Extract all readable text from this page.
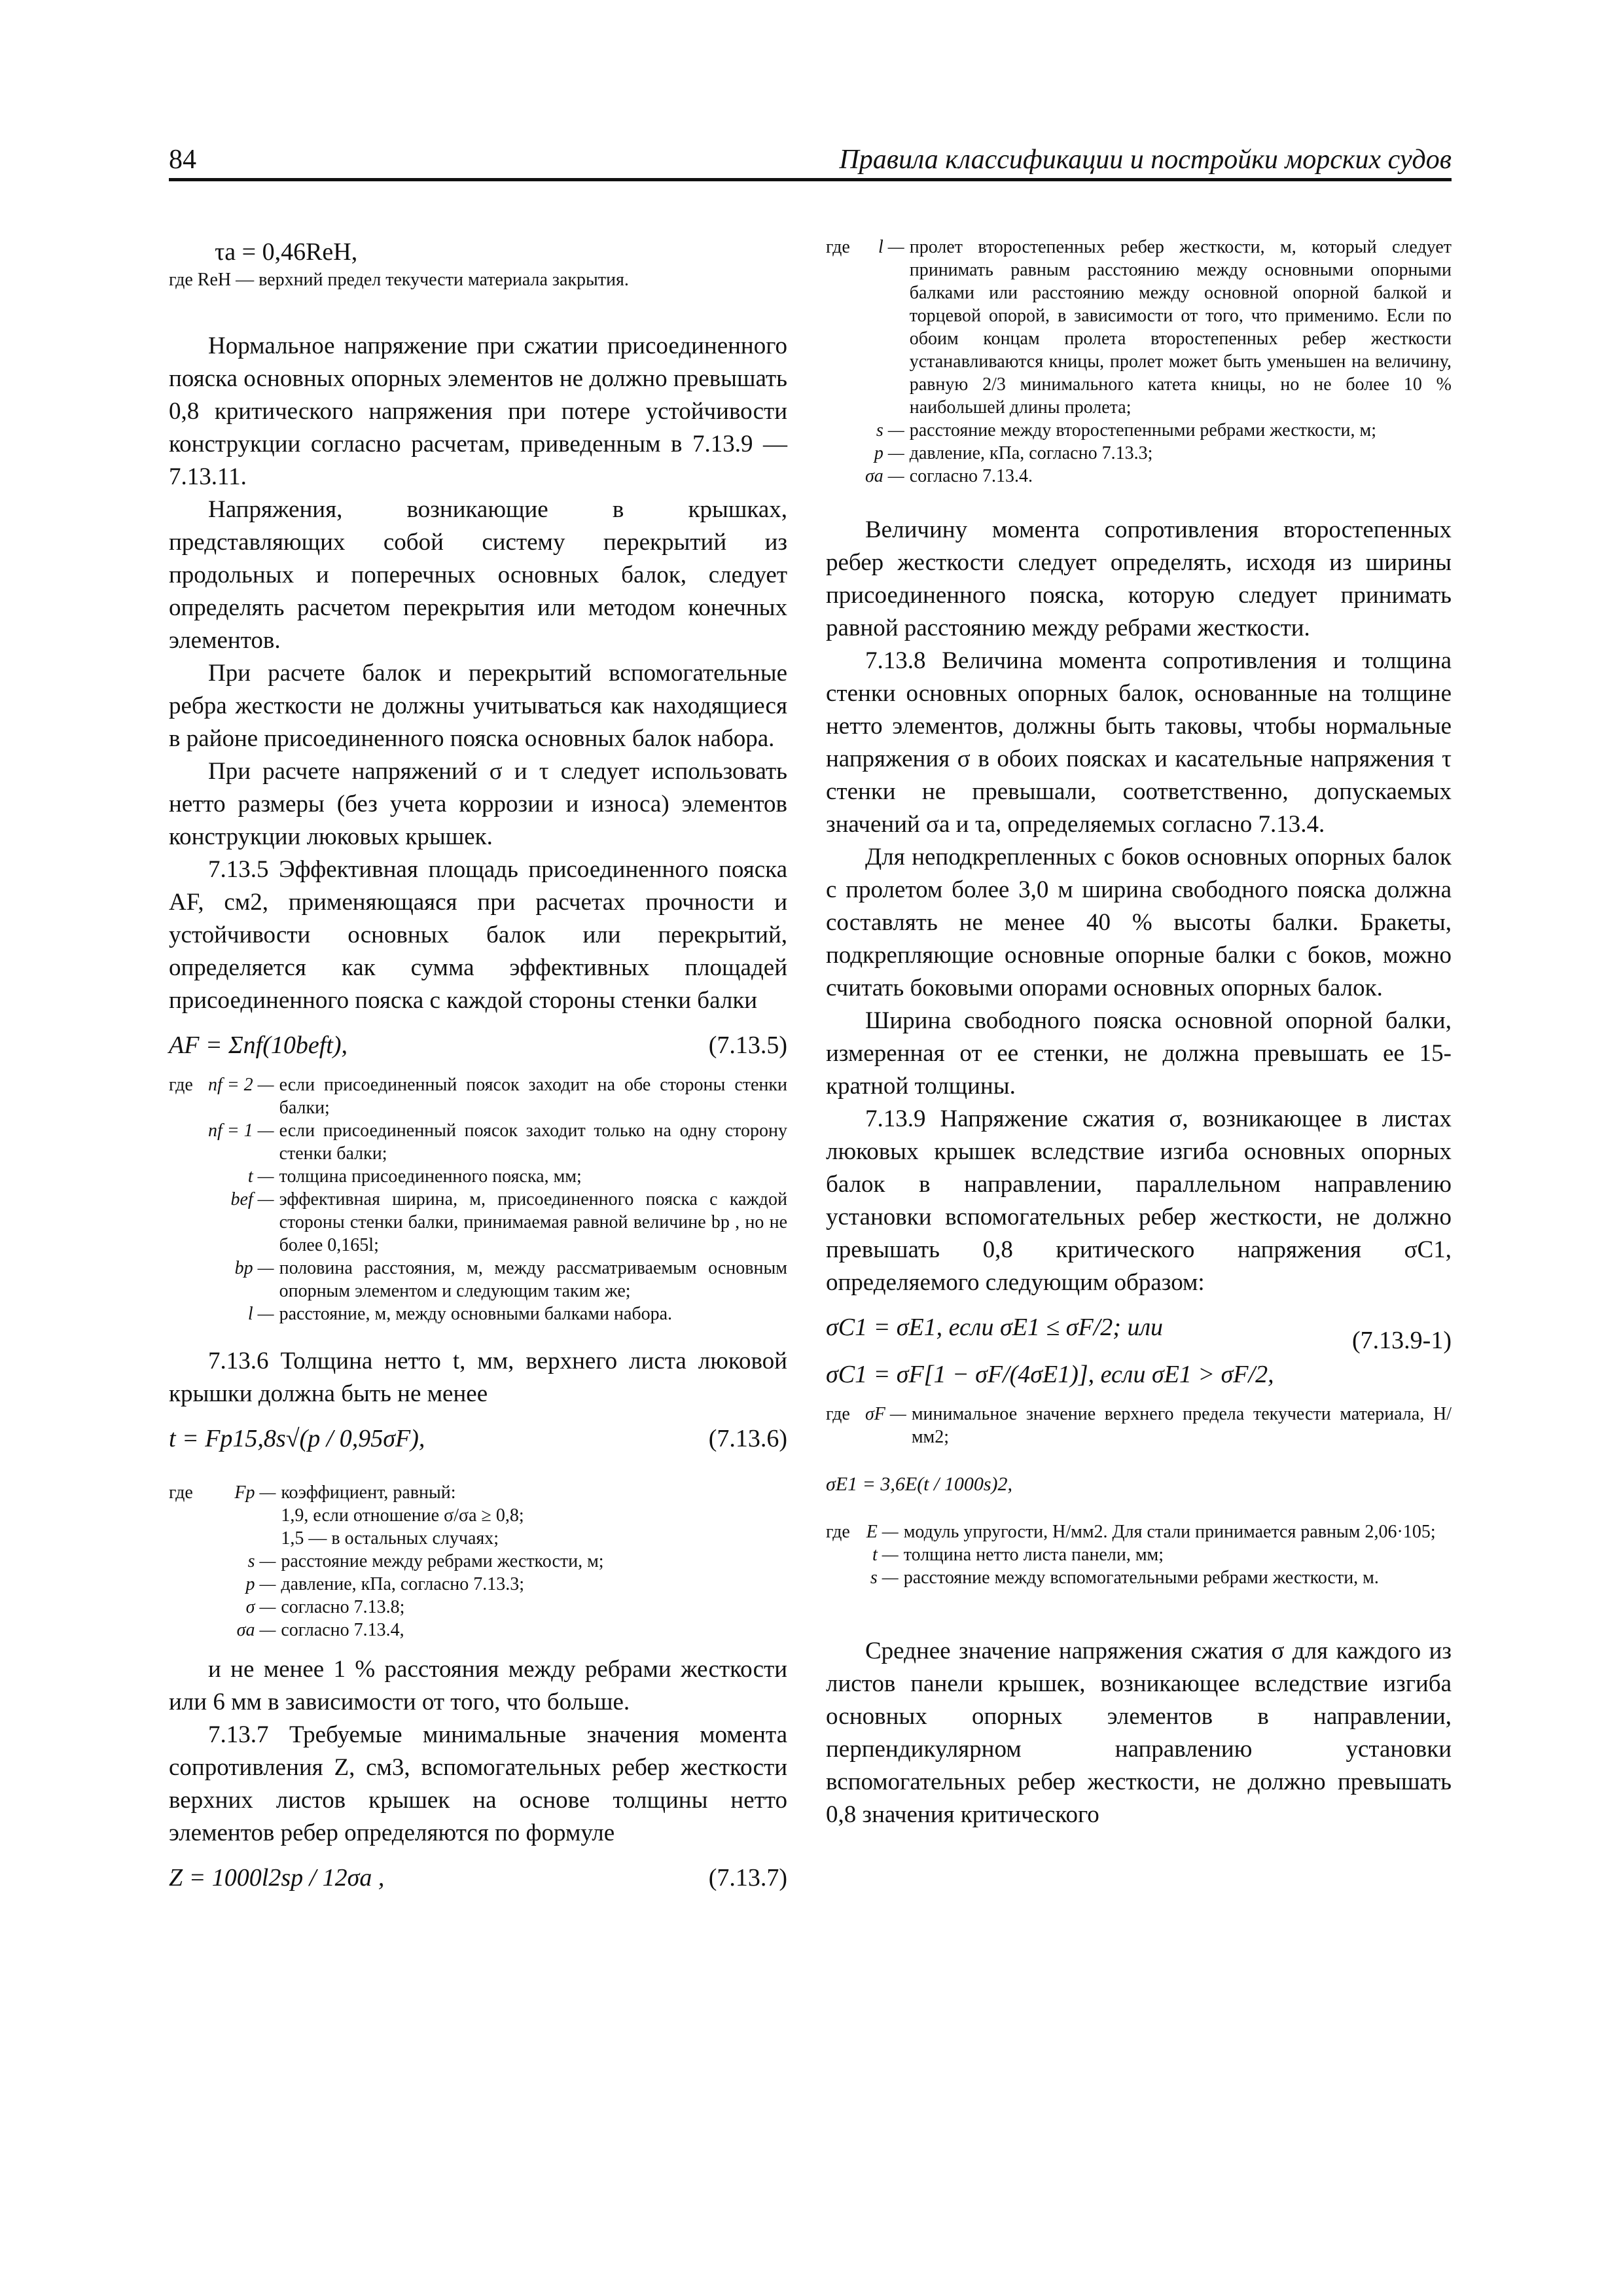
84	Правила классификации и постройки морских судов
τa = 0,46ReH,
где ReH — верхний предел текучести материала закрытия.

Нормальное напряжение при сжатии присоединенного пояска основных опорных элементов не должно превышать 0,8 критического напряжения при потере устойчивости конструкции согласно расчетам, приведенным в 7.13.9 — 7.13.11.

Напряжения, возникающие в крышках, представляющих собой систему перекрытий из продольных и поперечных основных балок, следует определять расчетом перекрытия или методом конечных элементов.

При расчете балок и перекрытий вспомогательные ребра жесткости не должны учитываться как находящиеся в районе присоединенного пояска основных балок набора.

При расчете напряжений σ и τ следует использовать нетто размеры (без учета коррозии и износа) элементов конструкции люковых крышек.

7.13.5 Эффективная площадь присоединенного пояска AF, см2, применяющаяся при расчетах прочности и устойчивости основных балок или перекрытий, определяется как сумма эффективных площадей присоединенного пояска с каждой стороны стенки балки

AF = Σnf(10beft),	(7.13.5)
где	nf = 2 —	если присоединенный поясок заходит на обе стороны стенки балки;
	nf = 1 —	если присоединенный поясок заходит только на одну сторону стенки балки;
	t —	толщина присоединенного пояска, мм;
	bef —	эффективная ширина, м, присоединенного пояска с каждой стороны стенки балки, принимаемая равной величине bp , но не более 0,165l;
	bp —	половина расстояния, м, между рассматриваемым основным опорным элементом и следующим таким же;
	l —	расстояние, м, между основными балками набора.

7.13.6 Толщина нетто t, мм, верхнего листа люковой крышки должна быть не менее

t = Fp15,8s√(p / 0,95σF),	(7.13.6)
где	Fp —	коэффициент, равный:
		1,9, если отношение σ/σa ≥ 0,8;
		1,5 — в остальных случаях;
	s —	расстояние между ребрами жесткости, м;
	p —	давление, кПа, согласно 7.13.3;
	σ —	согласно 7.13.8;
	σa —	согласно 7.13.4,

и не менее 1 % расстояния между ребрами жесткости или 6 мм в зависимости от того, что больше.

7.13.7 Требуемые минимальные значения момента сопротивления Z, см3, вспомогательных ребер жесткости верхних листов крышек на основе толщины нетто элементов ребер определяются по формуле

Z = 1000l2sp / 12σa ,	(7.13.7)
где	l —	пролет второстепенных ребер жесткости, м, который следует принимать равным расстоянию между основными опорными балками или расстоянию между основной опорной балкой и торцевой опорой, в зависимости от того, что применимо. Если по обоим концам пролета второстепенных ребер жесткости устанавливаются кницы, пролет может быть уменьшен на величину, равную 2/3 минимального катета кницы, но не более 10 % наибольшей длины пролета;
	s —	расстояние между второстепенными ребрами жесткости, м;
	p —	давление, кПа, согласно 7.13.3;
	σa —	согласно 7.13.4.

Величину момента сопротивления второстепенных ребер жесткости следует определять, исходя из ширины присоединенного пояска, которую следует принимать равной расстоянию между ребрами жесткости.

7.13.8 Величина момента сопротивления и толщина стенки основных опорных балок, основанные на толщине нетто элементов, должны быть таковы, чтобы нормальные напряжения σ в обоих поясках и касательные напряжения τ стенки не превышали, соответственно, допускаемых значений σa и τa, определяемых согласно 7.13.4.

Для неподкрепленных с боков основных опорных балок с пролетом более 3,0 м ширина свободного пояска должна составлять не менее 40 % высоты балки. Бракеты, подкрепляющие основные опорные балки с боков, можно считать боковыми опорами основных опорных балок.

Ширина свободного пояска основной опорной балки, измеренная от ее стенки, не должна превышать ее 15-кратной толщины.

7.13.9 Напряжение сжатия σ, возникающее в листах люковых крышек вследствие изгиба основных опорных балок в направлении, параллельном направлению установки вспомогательных ребер жесткости, не должно превышать 0,8 критического напряжения σC1, определяемого следующим образом:

σC1 = σE1, если σE1 ≤ σF/2; или	(7.13.9-1)
σC1 = σF[1 − σF/(4σE1)], если σE1 > σF/2,
где	σF —	минимальное значение верхнего предела текучести материала, Н/мм2;
σE1 = 3,6E(t / 1000s)2,
где	E —	модуль упругости, Н/мм2. Для стали принимается равным 2,06·105;
	t —	толщина нетто листа панели, мм;
	s —	расстояние между вспомогательными ребрами жесткости, м.

Среднее значение напряжения сжатия σ для каждого из листов панели крышек, возникающее вследствие изгиба основных опорных элементов в направлении, перпендикулярном направлению установки вспомогательных ребер жесткости, не должно превышать 0,8 значения критического
